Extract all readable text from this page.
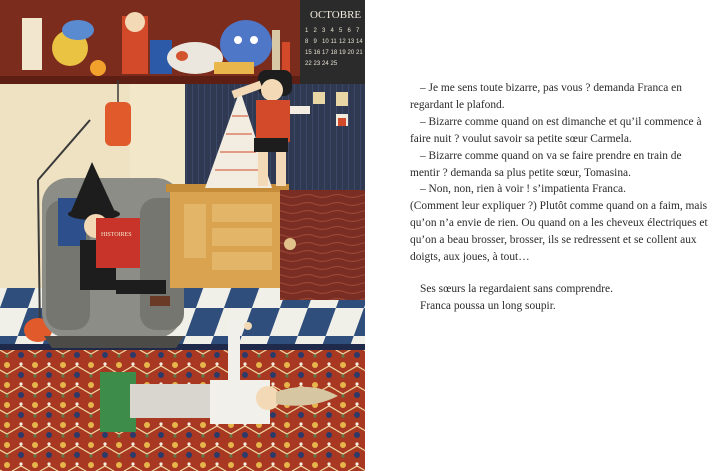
OCTOBRE
1 2 3 4 5 6 7
8 9 10 11 12 13 14
15 16 17 18 19 20 21
22 23 24 25
HISTOIRES

– Je me sens toute bizarre, pas vous ? demanda Franca en regardant le plafond.

– Bizarre comme quand on est dimanche et qu’il commence à faire nuit ? voulut savoir sa petite sœur Carmela.

– Bizarre comme quand on va se faire prendre en train de mentir ? demanda sa plus petite sœur, Tomasina.

– Non, non, rien à voir ! s’impatienta Franca.

(Comment leur expliquer ?) Plutôt comme quand on a faim, mais qu’on n’a envie de rien. Ou quand on a les cheveux électriques et qu’on a beau brosser, brosser, ils se redressent et se collent aux doigts, aux joues, à tout…

Ses sœurs la regardaient sans comprendre.

Franca poussa un long soupir.
